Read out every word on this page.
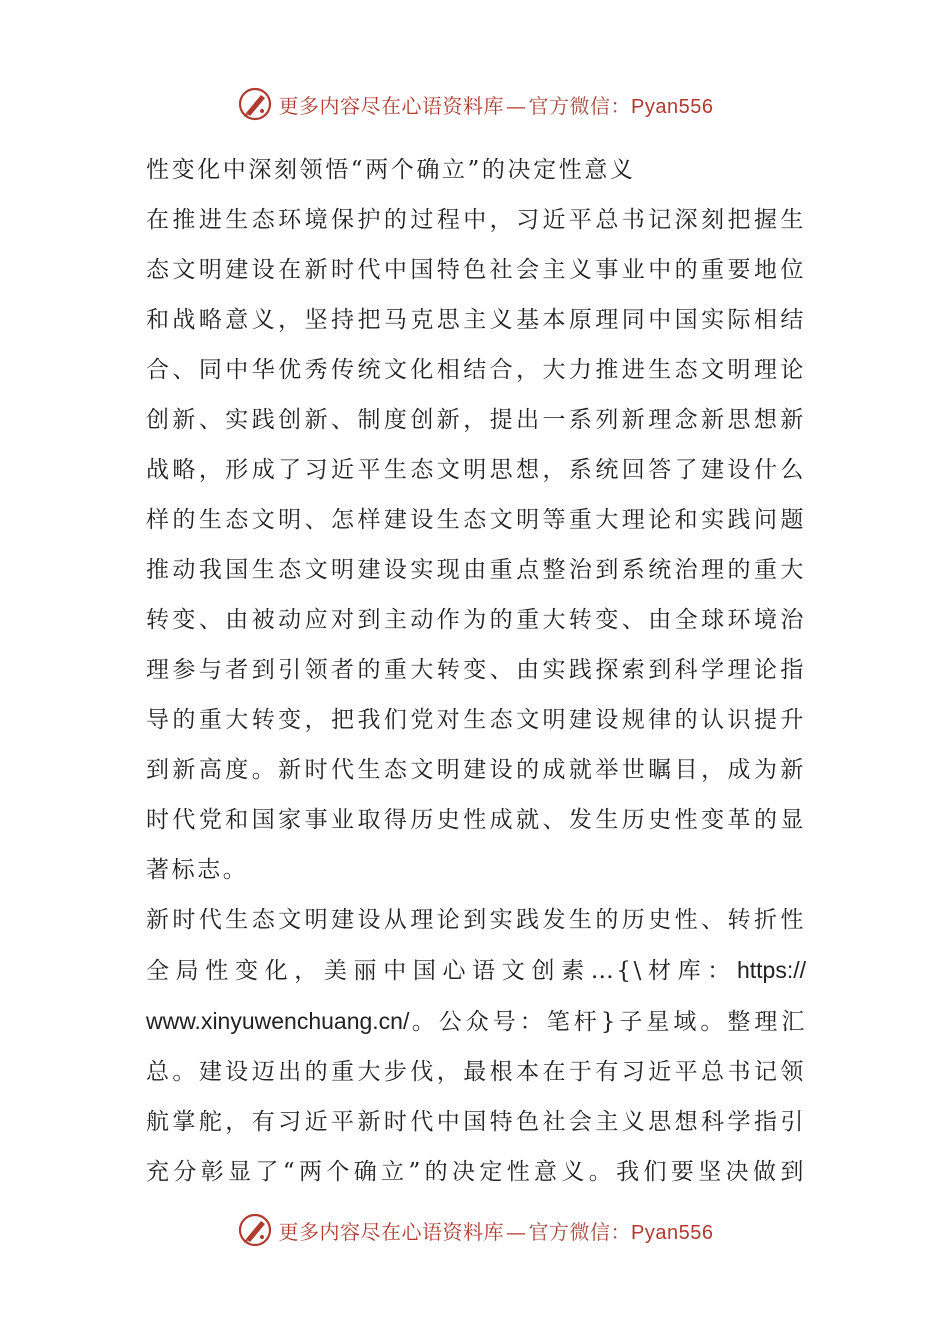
更多内容尽在心语资料库 — 官方微信：Pyan556

性变化中深刻领悟“两个确立”的决定性意义

在推进生态环境保护的过程中，习近平总书记深刻把握生
态文明建设在新时代中国特色社会主义事业中的重要地位
和战略意义，坚持把马克思主义基本原理同中国实际相结
合、同中华优秀传统文化相结合，大力推进生态文明理论
创新、实践创新、制度创新，提出一系列新理念新思想新
战略，形成了习近平生态文明思想，系统回答了建设什么
样的生态文明、怎样建设生态文明等重大理论和实践问题
推动我国生态文明建设实现由重点整治到系统治理的重大
转变、由被动应对到主动作为的重大转变、由全球环境治
理参与者到引领者的重大转变、由实践探索到科学理论指
导的重大转变，把我们党对生态文明建设规律的认识提升
到新高度。新时代生态文明建设的成就举世瞩目，成为新
时代党和国家事业取得历史性成就、发生历史性变革的显
著标志。

新时代生态文明建设从理论到实践发生的历史性、转折性
全局性变化，美丽中国心语文创素…{\材库：https://
www.xinyuwenchuang.cn/。公众号：笔杆}子星域。整理汇
总。建设迈出的重大步伐，最根本在于有习近平总书记领
航掌舵，有习近平新时代中国特色社会主义思想科学指引
充分彰显了“两个确立”的决定性意义。我们要坚决做到

更多内容尽在心语资料库 — 官方微信：Pyan556
